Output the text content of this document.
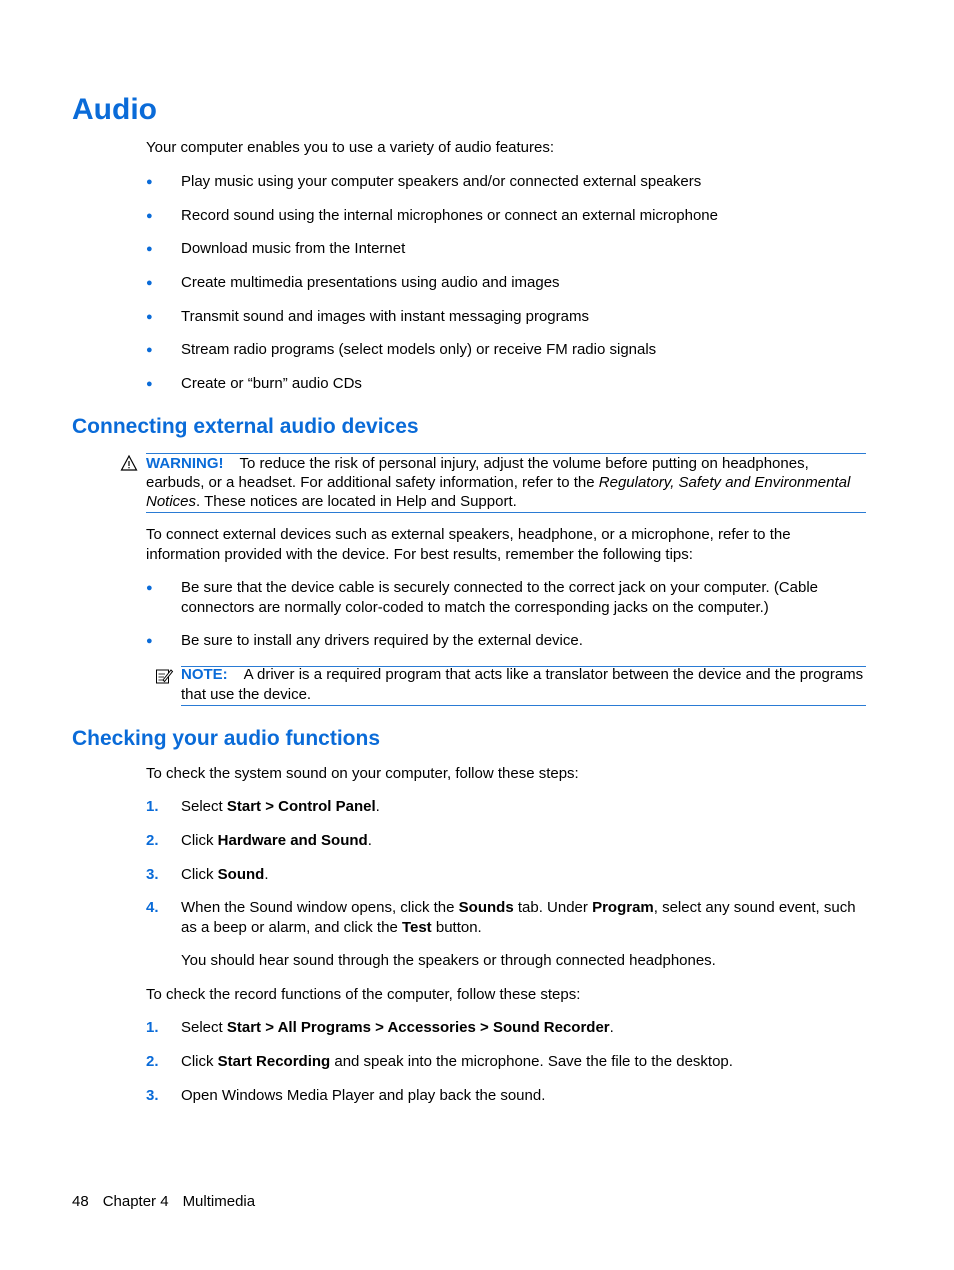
Audio
Your computer enables you to use a variety of audio features:
● Play music using your computer speakers and/or connected external speakers
● Record sound using the internal microphones or connect an external microphone
● Download music from the Internet
● Create multimedia presentations using audio and images
● Transmit sound and images with instant messaging programs
● Stream radio programs (select models only) or receive FM radio signals
● Create or “burn” audio CDs
Connecting external audio devices
WARNING! To reduce the risk of personal injury, adjust the volume before putting on headphones, earbuds, or a headset. For additional safety information, refer to the Regulatory, Safety and Environmental Notices. These notices are located in Help and Support.
To connect external devices such as external speakers, headphone, or a microphone, refer to the
information provided with the device. For best results, remember the following tips:
● Be sure that the device cable is securely connected to the correct jack on your computer. (Cable connectors are normally color-coded to match the corresponding jacks on the computer.)
● Be sure to install any drivers required by the external device.
NOTE: A driver is a required program that acts like a translator between the device and the programs that use the device.
Checking your audio functions
To check the system sound on your computer, follow these steps:
1. Select Start > Control Panel.
2. Click Hardware and Sound.
3. Click Sound.
4. When the Sound window opens, click the Sounds tab. Under Program, select any sound event, such as a beep or alarm, and click the Test button.
You should hear sound through the speakers or through connected headphones.
To check the record functions of the computer, follow these steps:
1. Select Start > All Programs > Accessories > Sound Recorder.
2. Click Start Recording and speak into the microphone. Save the file to the desktop.
3. Open Windows Media Player and play back the sound.
48 Chapter 4 Multimedia
